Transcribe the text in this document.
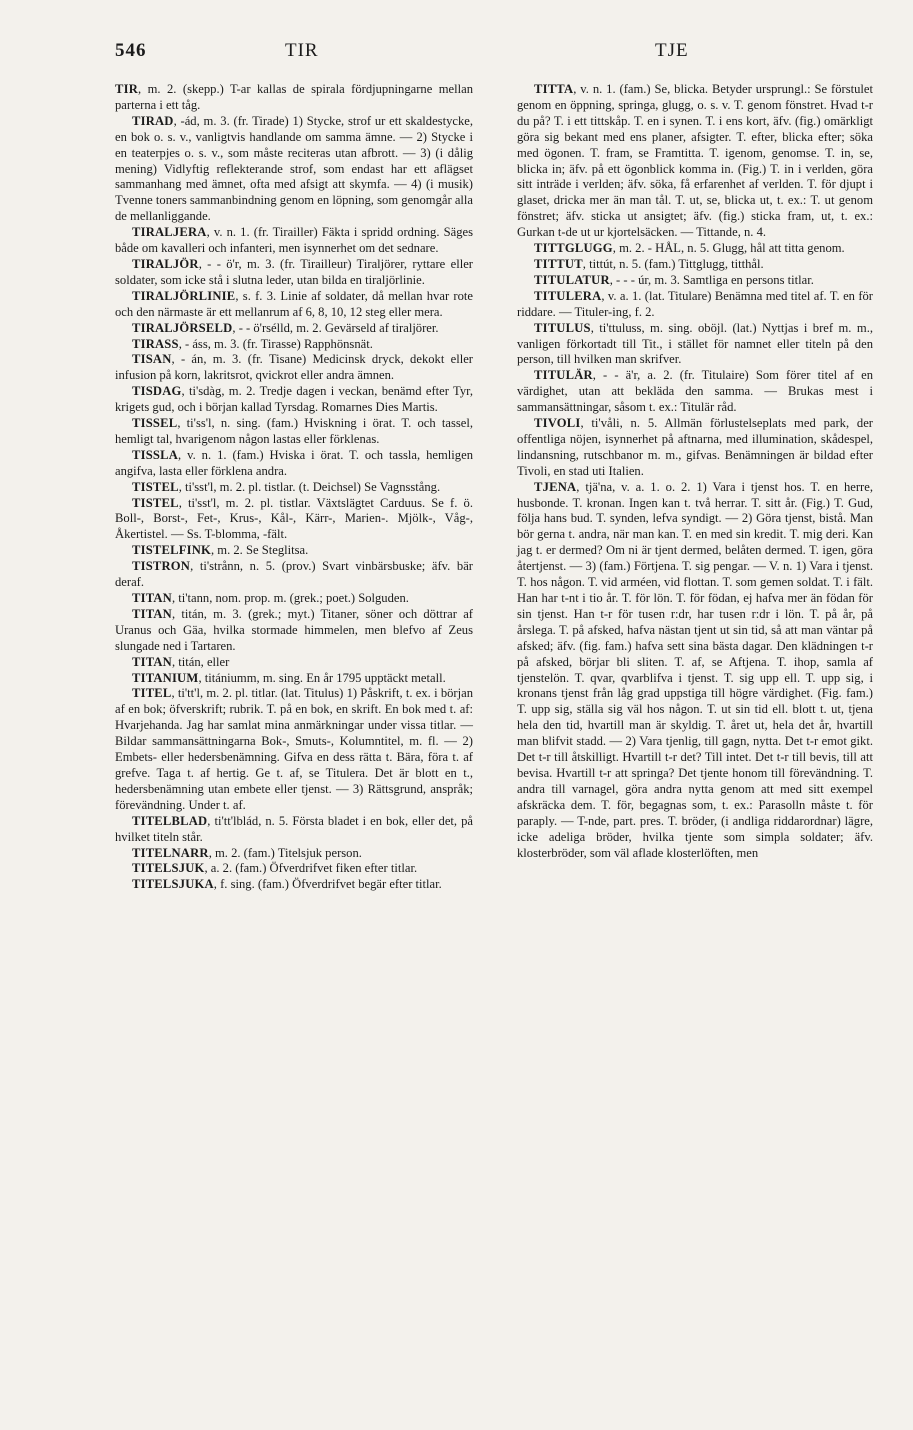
546	TIR	TJE

TIR, m. 2. (skepp.) T-ar kallas de spirala fördjupningarne mellan parterna i ett tåg.

TIRAD, -ád, m. 3. (fr. Tirade) 1) Stycke, strof ur ett skaldestycke, en bok o. s. v., vanligtvis handlande om samma ämne. — 2) Stycke i en teaterpjes o. s. v., som måste reciteras utan afbrott. — 3) (i dålig mening) Vidlyftig reflekterande strof, som endast har ett aflägset sammanhang med ämnet, ofta med afsigt att skymfa. — 4) (i musik) Tvenne toners sammanbindning genom en löpning, som genomgår alla de mellanliggande.

TIRALJERA, v. n. 1. (fr. Tirailler) Fäkta i spridd ordning. Säges både om kavalleri och infanteri, men isynnerhet om det sednare.

TIRALJÖR, - - ö'r, m. 3. (fr. Tirailleur) Tiraljörer, ryttare eller soldater, som icke stå i slutna leder, utan bilda en tiraljörlinie.

TIRALJÖRLINIE, s. f. 3. Linie af soldater, då mellan hvar rote och den närmaste är ett mellanrum af 6, 8, 10, 12 steg eller mera.

TIRALJÖRSELD, - - ö'rsélld, m. 2. Gevärseld af tiraljörer.

TIRASS, - áss, m. 3. (fr. Tirasse) Rapphönsnät.

TISAN, - án, m. 3. (fr. Tisane) Medicinsk dryck, dekokt eller infusion på korn, lakritsrot, qvickrot eller andra ämnen.

TISDAG, ti'sdàg, m. 2. Tredje dagen i veckan, benämd efter Tyr, krigets gud, och i början kallad Tyrsdag. Romarnes Dies Martis.

TISSEL, ti'ss'l, n. sing. (fam.) Hviskning i örat. T. och tassel, hemligt tal, hvarigenom någon lastas eller förklenas.

TISSLA, v. n. 1. (fam.) Hviska i örat. T. och tassla, hemligen angifva, lasta eller förklena andra.

TISTEL, ti'sst'l, m. 2. pl. tistlar. (t. Deichsel) Se Vagnsstång.

TISTEL, ti'sst'l, m. 2. pl. tistlar. Växtslägtet Carduus. Se f. ö. Boll-, Borst-, Fet-, Krus-, Kål-, Kärr-, Marien-. Mjölk-, Våg-, Åkertistel. — Ss. T-blomma, -fält.

TISTELFINK, m. 2. Se Steglitsa.

TISTRON, ti'strånn, n. 5. (prov.) Svart vinbärsbuske; äfv. bär deraf.

TITAN, ti'tann, nom. prop. m. (grek.; poet.) Solguden.

TITAN, titán, m. 3. (grek.; myt.) Titaner, söner och döttrar af Uranus och Gäa, hvilka stormade himmelen, men blefvo af Zeus slungade ned i Tartaren.

TITAN, titán, eller

TITANIUM, titániumm, m. sing. En år 1795 upptäckt metall.

TITEL, ti'tt'l, m. 2. pl. titlar. (lat. Titulus) 1) Påskrift, t. ex. i början af en bok; öfverskrift; rubrik. T. på en bok, en skrift. En bok med t. af: Hvarjehanda. Jag har samlat mina anmärkningar under vissa titlar. — Bildar sammansättningarna Bok-, Smuts-, Kolumntitel, m. fl. — 2) Embets- eller hedersbenämning. Gifva en dess rätta t. Bära, föra t. af grefve. Taga t. af hertig. Ge t. af, se Titulera. Det är blott en t., hedersbenämning utan embete eller tjenst. — 3) Rättsgrund, anspråk; förevändning. Under t. af.

TITELBLAD, ti'tt'lblád, n. 5. Första bladet i en bok, eller det, på hvilket titeln står.

TITELNARR, m. 2. (fam.) Titelsjuk person.

TITELSJUK, a. 2. (fam.) Öfverdrifvet fiken efter titlar.

TITELSJUKA, f. sing. (fam.) Öfverdrifvet begär efter titlar.

TITTA, v. n. 1. (fam.) Se, blicka. Betyder ursprungl.: Se förstulet genom en öppning, springa, glugg, o. s. v. T. genom fönstret. Hvad t-r du på? T. i ett tittskåp. T. en i synen. T. i ens kort, äfv. (fig.) omärkligt göra sig bekant med ens planer, afsigter. T. efter, blicka efter; söka med ögonen. T. fram, se Framtitta. T. igenom, genomse. T. in, se, blicka in; äfv. på ett ögonblick komma in. (Fig.) T. in i verlden, göra sitt inträde i verlden; äfv. söka, få erfarenhet af verlden. T. för djupt i glaset, dricka mer än man tål. T. ut, se, blicka ut, t. ex.: T. ut genom fönstret; äfv. sticka ut ansigtet; äfv. (fig.) sticka fram, ut, t. ex.: Gurkan t-de ut ur kjortelsäcken. — Tittande, n. 4.

TITTGLUGG, m. 2. - HÅL, n. 5. Glugg, hål att titta genom.

TITTUT, tittút, n. 5. (fam.) Tittglugg, titthål.

TITULATUR, - - - úr, m. 3. Samtliga en persons titlar.

TITULERA, v. a. 1. (lat. Titulare) Benämna med titel af. T. en för riddare. — Tituler-ing, f. 2.

TITULUS, ti'ttuluss, m. sing. oböjl. (lat.) Nyttjas i bref m. m., vanligen förkortadt till Tit., i stället för namnet eller titeln på den person, till hvilken man skrifver.

TITULÄR, - - ä'r, a. 2. (fr. Titulaire) Som förer titel af en värdighet, utan att bekläda den samma. — Brukas mest i sammansättningar, såsom t. ex.: Titulär råd.

TIVOLI, ti'våli, n. 5. Allmän förlustelseplats med park, der offentliga nöjen, isynnerhet på aftnarna, med illumination, skådespel, lindansning, rutschbanor m. m., gifvas. Benämningen är bildad efter Tivoli, en stad uti Italien.

TJENA, tjä'na, v. a. 1. o. 2. 1) Vara i tjenst hos. T. en herre, husbonde. T. kronan. Ingen kan t. två herrar. T. sitt år. (Fig.) T. Gud, följa hans bud. T. synden, lefva syndigt. — 2) Göra tjenst, bistå. Man bör gerna t. andra, när man kan. T. en med sin kredit. T. mig deri. Kan jag t. er dermed? Om ni är tjent dermed, belåten dermed. T. igen, göra återtjenst. — 3) (fam.) Förtjena. T. sig pengar. — V. n. 1) Vara i tjenst. T. hos någon. T. vid arméen, vid flottan. T. som gemen soldat. T. i fält. Han har t-nt i tio år. T. för lön. T. för födan, ej hafva mer än födan för sin tjenst. Han t-r för tusen r:dr, har tusen r:dr i lön. T. på år, på årslega. T. på afsked, hafva nästan tjent ut sin tid, så att man väntar på afsked; äfv. (fig. fam.) hafva sett sina bästa dagar. Den klädningen t-r på afsked, börjar bli sliten. T. af, se Aftjena. T. ihop, samla af tjenstelön. T. qvar, qvarblifva i tjenst. T. sig upp ell. T. upp sig, i kronans tjenst från låg grad uppstiga till högre värdighet. (Fig. fam.) T. upp sig, ställa sig väl hos någon. T. ut sin tid ell. blott t. ut, tjena hela den tid, hvartill man är skyldig. T. året ut, hela det år, hvartill man blifvit stadd. — 2) Vara tjenlig, till gagn, nytta. Det t-r emot gikt. Det t-r till åtskilligt. Hvartill t-r det? Till intet. Det t-r till bevis, till att bevisa. Hvartill t-r att springa? Det tjente honom till förevändning. T. andra till varnagel, göra andra nytta genom att med sitt exempel afskräcka dem. T. för, begagnas som, t. ex.: Parasolln måste t. för paraply. — T-nde, part. pres. T. bröder, (i andliga riddarordnar) lägre, icke adeliga bröder, hvilka tjente som simpla soldater; äfv. klosterbröder, som väl aflade klosterlöften, men
